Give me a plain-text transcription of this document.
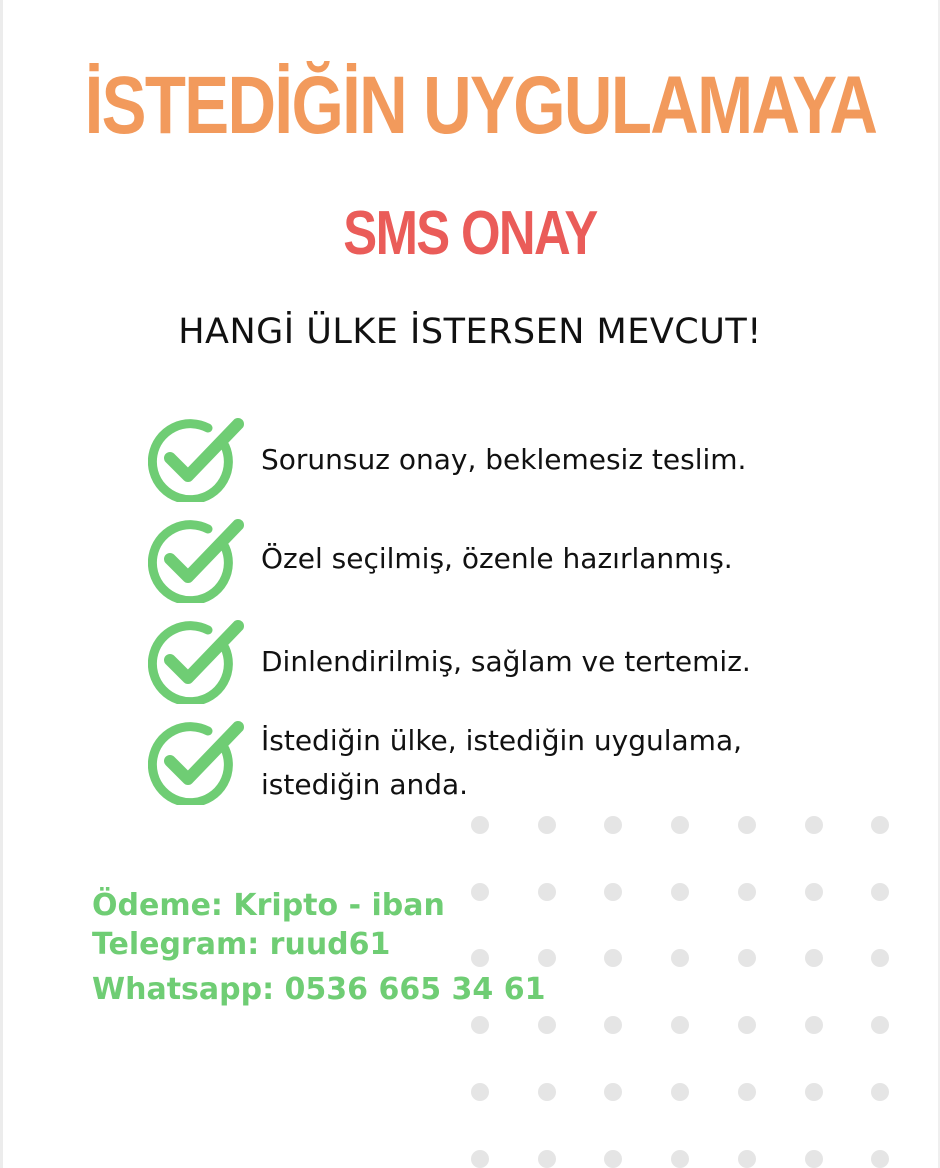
İSTEDİĞİN UYGULAMAYA
SMS ONAY
HANGİ ÜLKE İSTERSEN MEVCUT!
Sorunsuz onay, beklemesiz teslim.
Özel seçilmiş, özenle hazırlanmış.
Dinlendirilmiş, sağlam ve tertemiz.
İstediğin ülke, istediğin uygulama, istediğin anda.
Ödeme: Kripto - iban
Telegram: ruud61
Whatsapp: 0536 665 34 61
